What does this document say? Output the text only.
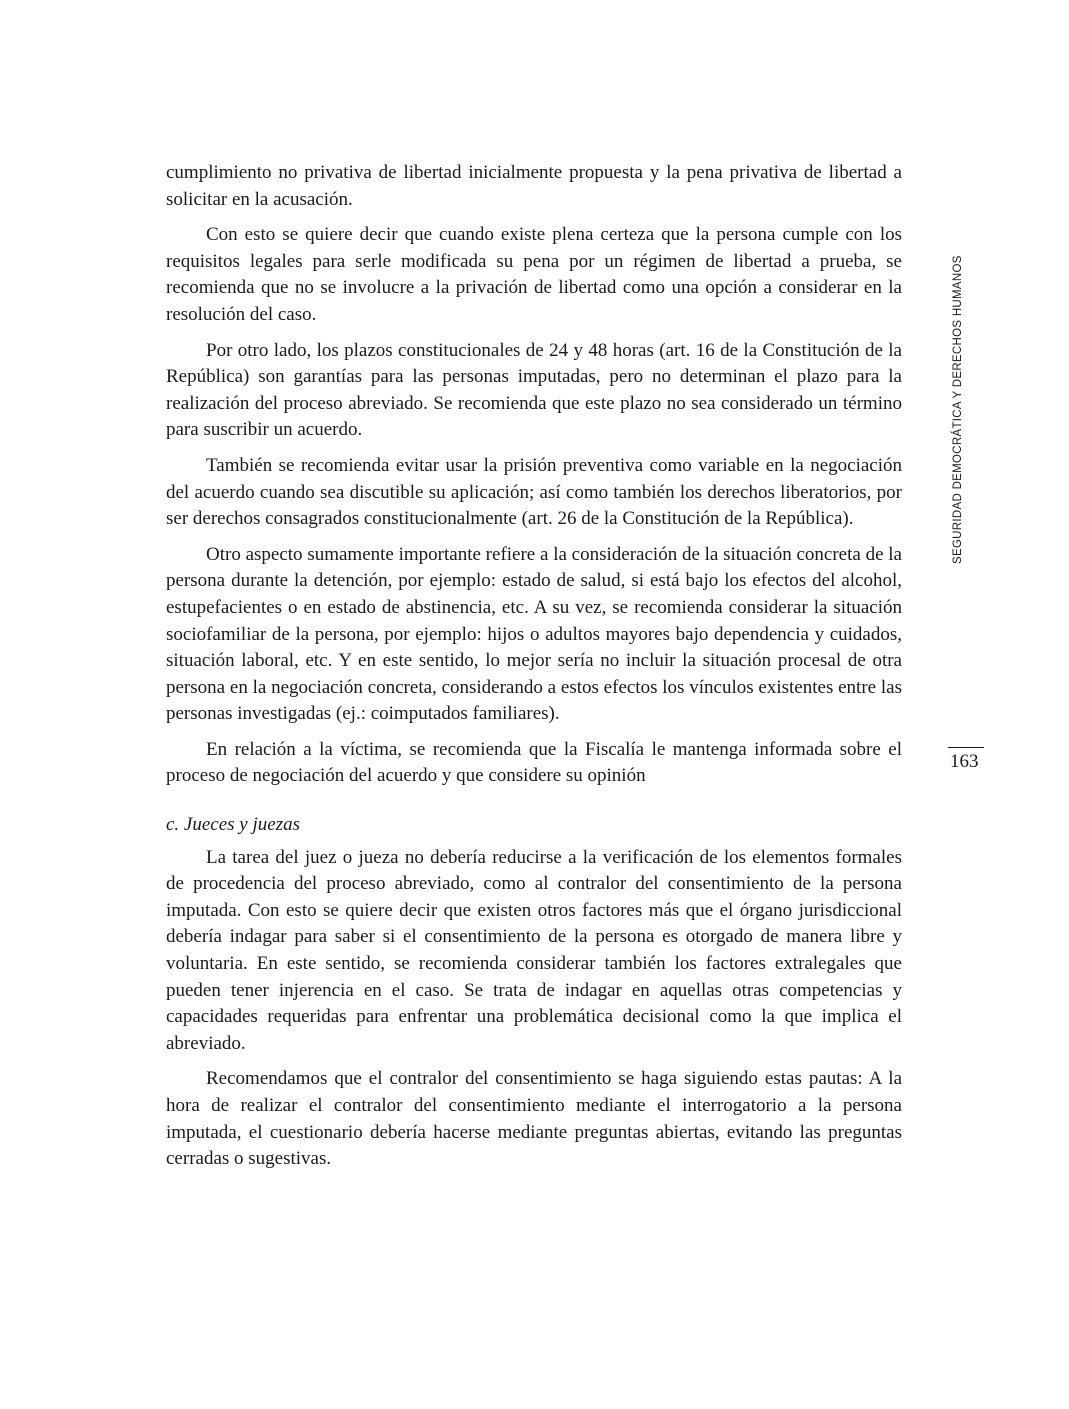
cumplimiento no privativa de libertad inicialmente propuesta y la pena privativa de libertad a solicitar en la acusación.

Con esto se quiere decir que cuando existe plena certeza que la persona cumple con los requisitos legales para serle modificada su pena por un régimen de libertad a prueba, se recomienda que no se involucre a la privación de libertad como una opción a considerar en la resolución del caso.

Por otro lado, los plazos constitucionales de 24 y 48 horas (art. 16 de la Constitución de la República) son garantías para las personas imputadas, pero no determinan el plazo para la realización del proceso abreviado. Se recomienda que este plazo no sea considerado un término para suscribir un acuerdo.

También se recomienda evitar usar la prisión preventiva como variable en la negociación del acuerdo cuando sea discutible su aplicación; así como también los derechos liberatorios, por ser derechos consagrados constitucionalmente (art. 26 de la Constitución de la República).

Otro aspecto sumamente importante refiere a la consideración de la situación concreta de la persona durante la detención, por ejemplo: estado de salud, si está bajo los efectos del alcohol, estupefacientes o en estado de abstinencia, etc. A su vez, se recomienda considerar la situación sociofamiliar de la persona, por ejemplo: hijos o adultos mayores bajo dependencia y cuidados, situación laboral, etc. Y en este sentido, lo mejor sería no incluir la situación procesal de otra persona en la negociación concreta, considerando a estos efectos los vínculos existentes entre las personas investigadas (ej.: coimputados familiares).

En relación a la víctima, se recomienda que la Fiscalía le mantenga informada sobre el proceso de negociación del acuerdo y que considere su opinión

c. Jueces y juezas

La tarea del juez o jueza no debería reducirse a la verificación de los elementos formales de procedencia del proceso abreviado, como al contralor del consentimiento de la persona imputada. Con esto se quiere decir que existen otros factores más que el órgano jurisdiccional debería indagar para saber si el consentimiento de la persona es otorgado de manera libre y voluntaria. En este sentido, se recomienda considerar también los factores extralegales que pueden tener injerencia en el caso. Se trata de indagar en aquellas otras competencias y capacidades requeridas para enfrentar una problemática decisional como la que implica el abreviado.

Recomendamos que el contralor del consentimiento se haga siguiendo estas pautas: A la hora de realizar el contralor del consentimiento mediante el interrogatorio a la persona imputada, el cuestionario debería hacerse mediante preguntas abiertas, evitando las preguntas cerradas o sugestivas.

SEGURIDAD DEMOCRÁTICA Y DERECHOS HUMANOS
163
